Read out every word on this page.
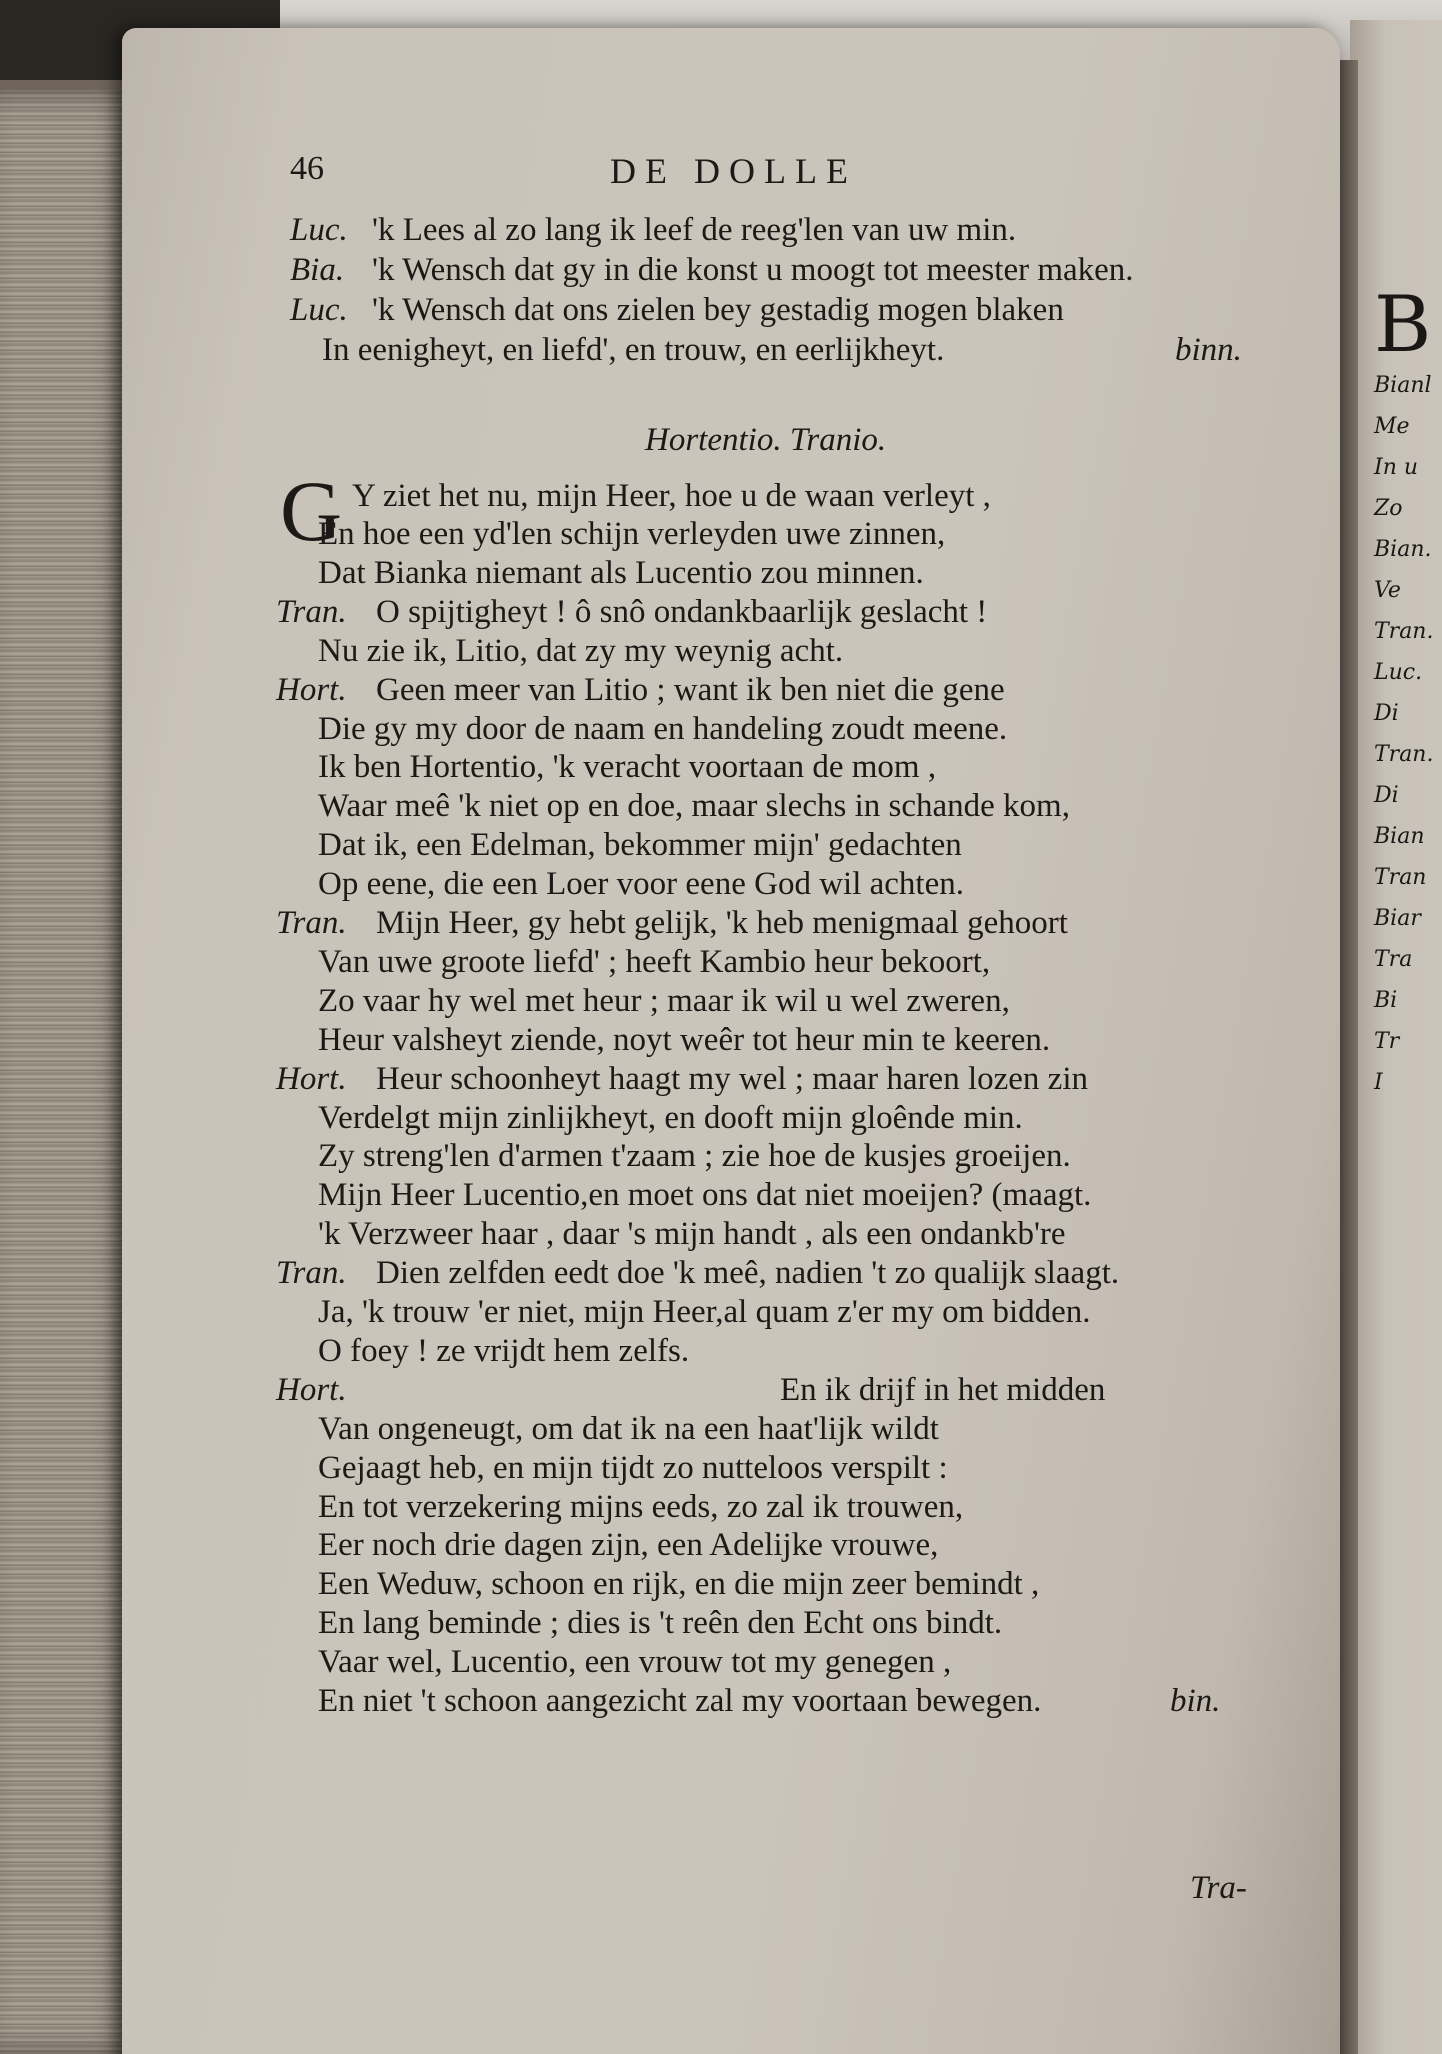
B
Bianl
Me
In u
Zo
Bian.
Ve
Tran.
Luc.
Di
Tran.
Di
Bian
Tran
Biar
Tra
Bi
Tr
I
46	DE DOLLE
Luc. 'k Lees al zo lang ik leef de reeg'len van uw min.
Bia. 'k Wensch dat gy in die konst u moogt tot meester maken.
Luc. 'k Wensch dat ons zielen bey gestadig mogen blaken
In eenigheyt, en liefd', en trouw, en eerlijkheyt.	binn.
Hortentio. Tranio.
G Y ziet het nu, mijn Heer, hoe u de waan verleyt ,
En hoe een yd'len schijn verleyden uwe zinnen,
Dat Bianka niemant als Lucentio zou minnen.
Tran. O spijtigheyt ! ô snô ondankbaarlijk geslacht !
Nu zie ik, Litio, dat zy my weynig acht.
Hort. Geen meer van Litio ; want ik ben niet die gene
Die gy my door de naam en handeling zoudt meene.
Ik ben Hortentio, 'k veracht voortaan de mom ,
Waar meê 'k niet op en doe, maar slechs in schande kom,
Dat ik, een Edelman, bekommer mijn' gedachten
Op eene, die een Loer voor eene God wil achten.
Tran. Mijn Heer, gy hebt gelijk, 'k heb menigmaal gehoort
Van uwe groote liefd' ; heeft Kambio heur bekoort,
Zo vaar hy wel met heur ; maar ik wil u wel zweren,
Heur valsheyt ziende, noyt weêr tot heur min te keeren.
Hort. Heur schoonheyt haagt my wel ; maar haren lozen zin
Verdelgt mijn zinlijkheyt, en dooft mijn gloênde min.
Zy streng'len d'armen t'zaam ; zie hoe de kusjes groeijen.
Mijn Heer Lucentio,en moet ons dat niet moeijen? (maagt.
'k Verzweer haar , daar 's mijn handt , als een ondankb're
Tran. Dien zelfden eedt doe 'k meê, nadien 't zo qualijk slaagt.
Ja, 'k trouw 'er niet, mijn Heer,al quam z'er my om bidden.
O foey ! ze vrijdt hem zelfs.
Hort.	En ik drijf in het midden
Van ongeneugt, om dat ik na een haat'lijk wildt
Gejaagt heb, en mijn tijdt zo nutteloos verspilt :
En tot verzekering mijns eeds, zo zal ik trouwen,
Eer noch drie dagen zijn, een Adelijke vrouwe,
Een Weduw, schoon en rijk, en die mijn zeer bemindt ,
En lang beminde ; dies is 't reên den Echt ons bindt.
Vaar wel, Lucentio, een vrouw tot my genegen ,
En niet 't schoon aangezicht zal my voortaan bewegen.	bin.
Tra-
